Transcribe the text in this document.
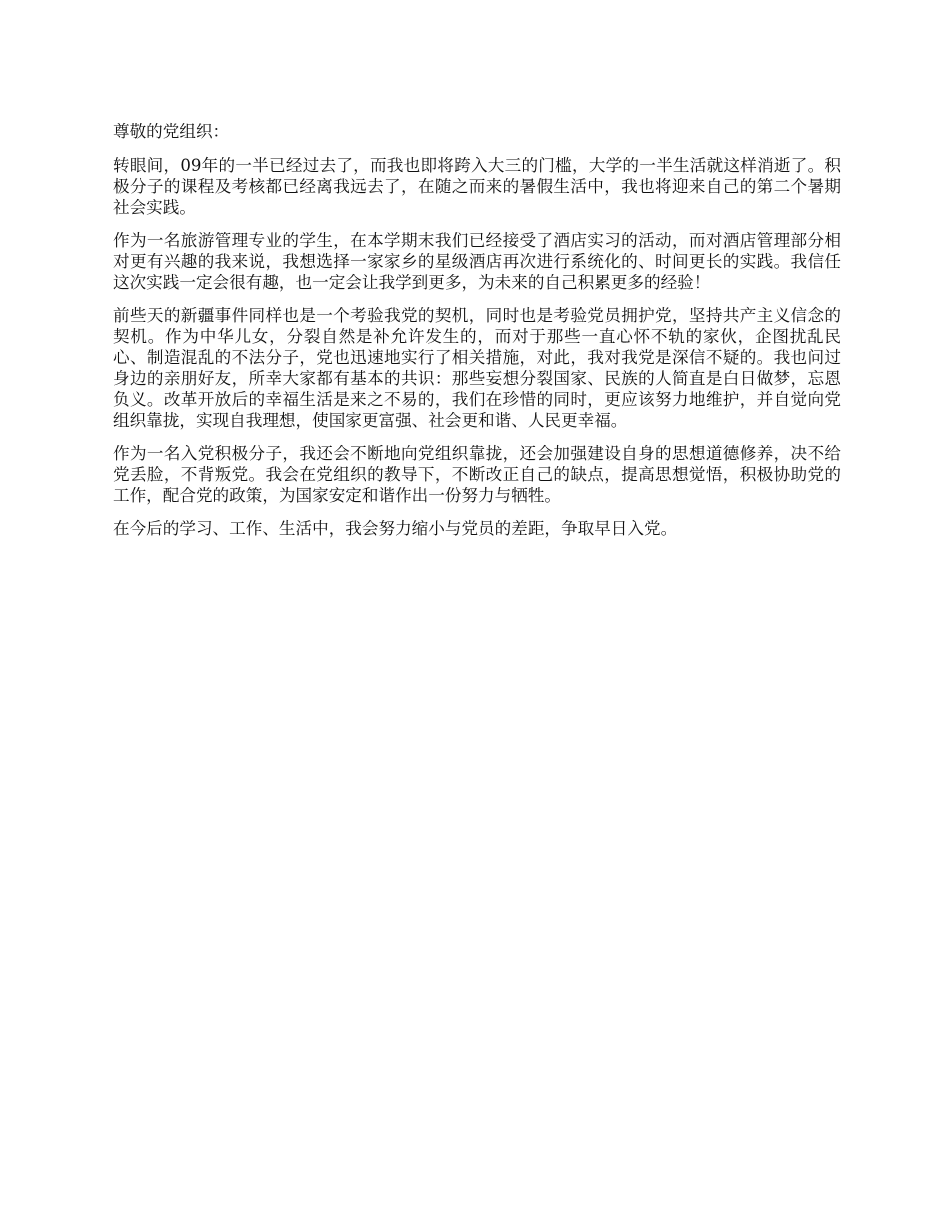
尊敬的党组织：

转眼间，09年的一半已经过去了，而我也即将跨入大三的门槛，大学的一半生活就这样消逝了。积极分子的课程及考核都已经离我远去了，在随之而来的暑假生活中，我也将迎来自己的第二个暑期社会实践。

作为一名旅游管理专业的学生，在本学期末我们已经接受了酒店实习的活动，而对酒店管理部分相对更有兴趣的我来说，我想选择一家家乡的星级酒店再次进行系统化的、时间更长的实践。我信任这次实践一定会很有趣，也一定会让我学到更多，为未来的自己积累更多的经验！

前些天的新疆事件同样也是一个考验我党的契机，同时也是考验党员拥护党，坚持共产主义信念的契机。作为中华儿女，分裂自然是补允许发生的，而对于那些一直心怀不轨的家伙，企图扰乱民心、制造混乱的不法分子，党也迅速地实行了相关措施，对此，我对我党是深信不疑的。我也问过身边的亲朋好友，所幸大家都有基本的共识：那些妄想分裂国家、民族的人简直是白日做梦，忘恩负义。改革开放后的幸福生活是来之不易的，我们在珍惜的同时，更应该努力地维护，并自觉向党组织靠拢，实现自我理想，使国家更富强、社会更和谐、人民更幸福。

作为一名入党积极分子，我还会不断地向党组织靠拢，还会加强建设自身的思想道德修养，决不给党丢脸，不背叛党。我会在党组织的教导下，不断改正自己的缺点，提高思想觉悟，积极协助党的工作，配合党的政策，为国家安定和谐作出一份努力与牺牲。

在今后的学习、工作、生活中，我会努力缩小与党员的差距，争取早日入党。
